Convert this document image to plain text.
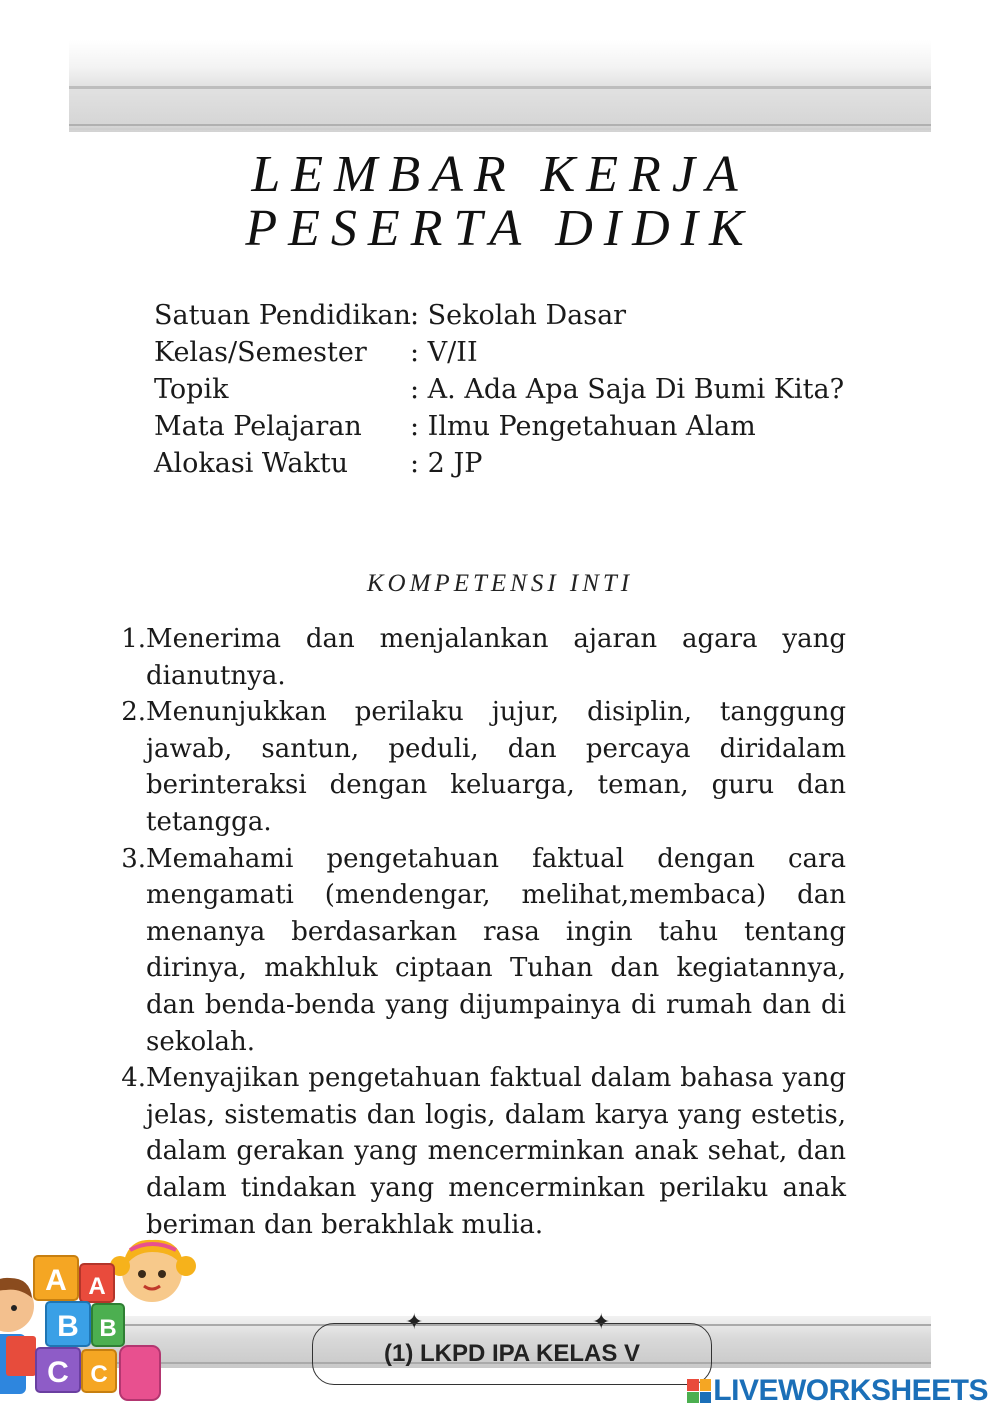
LEMBAR KERJA
PESERTA DIDIK
Satuan Pendidikan : Sekolah Dasar
Kelas/Semester	: V/II
Topik	: A. Ada Apa Saja Di Bumi Kita?
Mata Pelajaran	: Ilmu Pengetahuan Alam
Alokasi Waktu	: 2 JP
KOMPETENSI INTI
1. Menerima dan menjalankan ajaran agara yang dianutnya.
2. Menunjukkan perilaku jujur, disiplin, tanggung jawab, santun, peduli, dan percaya diridalam berinteraksi dengan keluarga, teman, guru dan tetangga.
3. Memahami pengetahuan faktual dengan cara mengamati (mendengar, melihat,membaca) dan menanya berdasarkan rasa ingin tahu tentang dirinya, makhluk ciptaan Tuhan dan kegiatannya, dan benda-benda yang dijumpainya di rumah dan di sekolah.
4. Menyajikan pengetahuan faktual dalam bahasa yang jelas, sistematis dan logis, dalam karya yang estetis, dalam gerakan yang mencerminkan anak sehat, dan dalam tindakan yang mencerminkan perilaku anak beriman dan berakhlak mulia.
✦	✦
(1) LKPD IPA KELAS V
A A
B B
C C	LIVEWORKSHEETS
